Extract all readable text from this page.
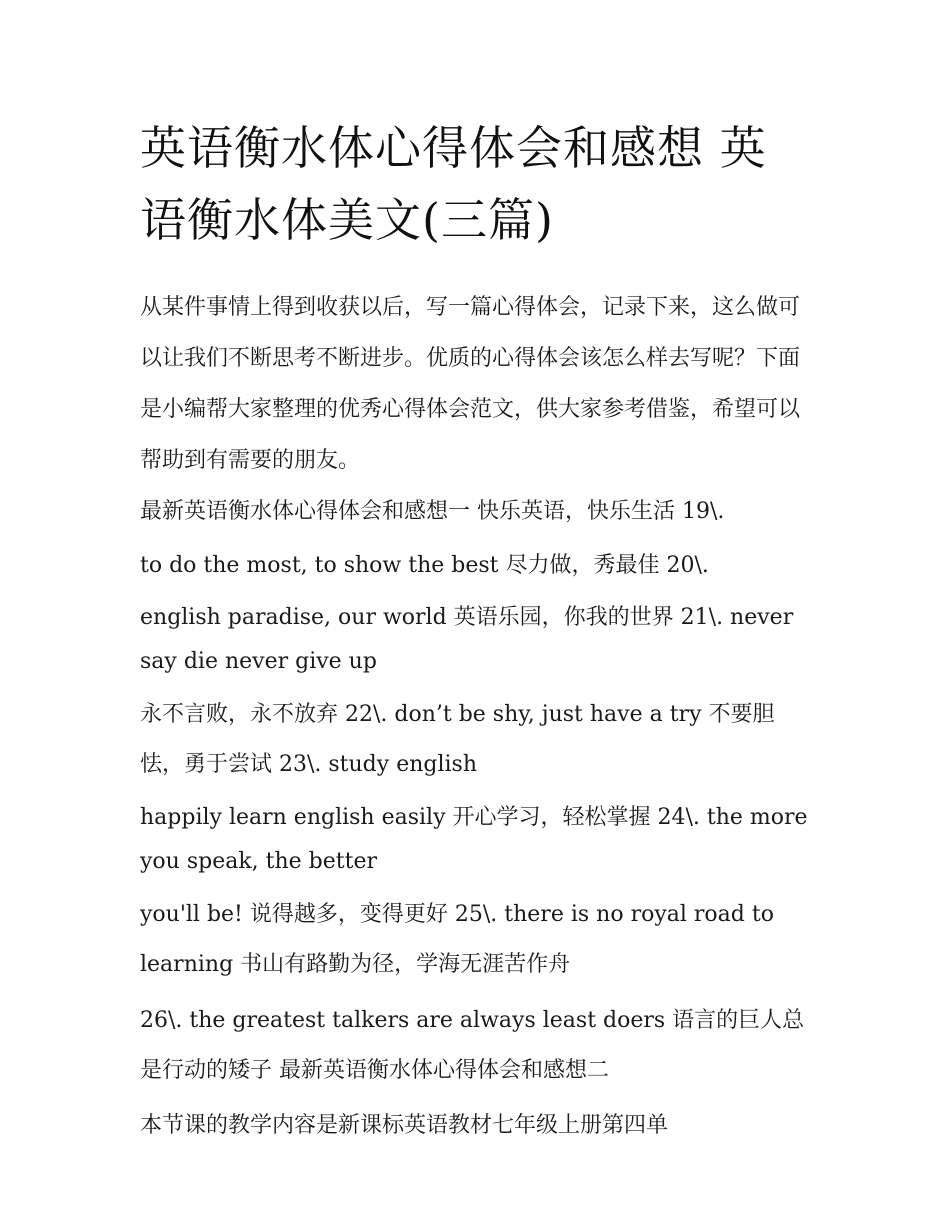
英语衡水体心得体会和感想 英语衡水体美文(三篇)

从某件事情上得到收获以后，写一篇心得体会，记录下来，这么做可以让我们不断思考不断进步。优质的心得体会该怎么样去写呢？下面是小编帮大家整理的优秀心得体会范文，供大家参考借鉴，希望可以帮助到有需要的朋友。

最新英语衡水体心得体会和感想一 快乐英语，快乐生活 19\.

to do the most, to show the best 尽力做，秀最佳 20\.

english paradise, our world 英语乐园，你我的世界 21\. never say die never give up

永不言败，永不放弃 22\. don’t be shy, just have a try 不要胆怯，勇于尝试 23\. study english

happily learn english easily 开心学习，轻松掌握 24\. the more you speak, the better

you'll be! 说得越多，变得更好 25\. there is no royal road to learning 书山有路勤为径，学海无涯苦作舟

26\. the greatest talkers are always least doers 语言的巨人总是行动的矮子 最新英语衡水体心得体会和感想二

本节课的教学内容是新课标英语教材七年级上册第四单
